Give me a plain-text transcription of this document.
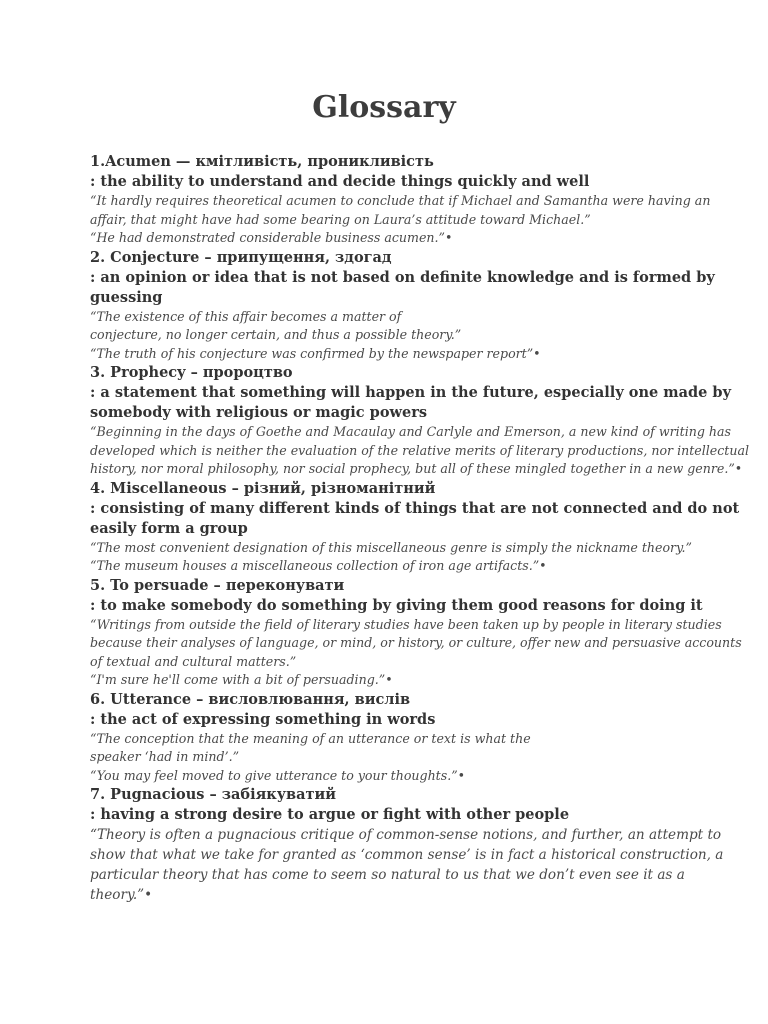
Glossary

1.Acumen — кмітливість, проникливість

: the ability to understand and decide things quickly and well

“It hardly requires theoretical acumen to conclude that if Michael and Samantha were having an
affair, that might have had some bearing on Laura’s attitude toward Michael.”
“He had demonstrated considerable business acumen.”•

2. Conjecture – припущення, здогад

: an opinion or idea that is not based on definite knowledge and is formed by
guessing

“The existence of this affair becomes a matter of
conjecture, no longer certain, and thus a possible theory.”
“The truth of his conjecture was confirmed by the newspaper report”•

3. Prophecy – пророцтво

: a statement that something will happen in the future, especially one made by
somebody with religious or magic powers

“Beginning in the days of Goethe and Macaulay and Carlyle and Emerson, a new kind of writing has
developed which is neither the evaluation of the relative merits of literary productions, nor intellectual
history, nor moral philosophy, nor social prophecy, but all of these mingled together in a new genre.”•

4. Miscellaneous – різний, різноманітний

: consisting of many different kinds of things that are not connected and do not
easily form a group

“The most convenient designation of this miscellaneous genre is simply the nickname theory.”
“The museum houses a miscellaneous collection of iron age artifacts.”•

5. To persuade – переконувати

: to make somebody do something by giving them good reasons for doing it

“Writings from outside the field of literary studies have been taken up by people in literary studies
because their analyses of language, or mind, or history, or culture, offer new and persuasive accounts
of textual and cultural matters.”
“I'm sure he'll come with a bit of persuading.”•

6. Utterance – висловлювання, вислів

: the act of expressing something in words

“The conception that the meaning of an utterance or text is what the
speaker ‘had in mind’.”
“You may feel moved to give utterance to your thoughts.”•

7. Pugnacious – забіякуватий

: having a strong desire to argue or fight with other people

“Theory is often a pugnacious critique of common-sense notions, and further, an attempt to
show that what we take for granted as ‘common sense’ is in fact a historical construction, a
particular theory that has come to seem so natural to us that we don’t even see it as a
theory.”•
